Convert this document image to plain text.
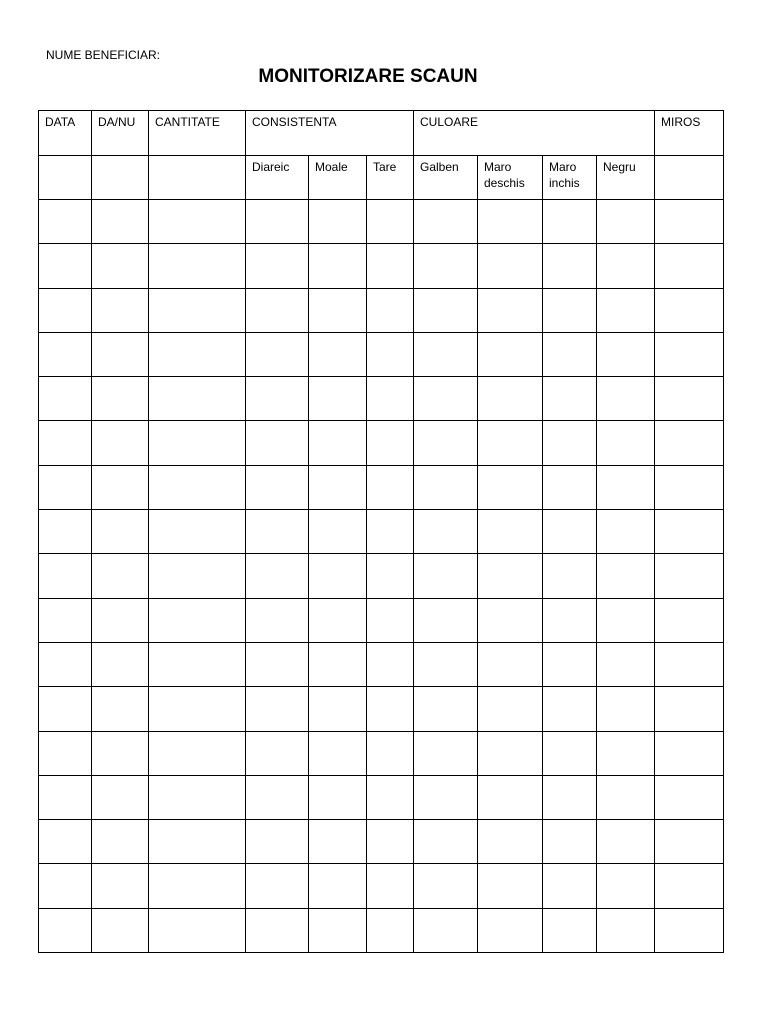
NUME BENEFICIAR:
MONITORIZARE SCAUN
DATA	DA/NU	CANTITATE	CONSISTENTA			CULOARE				MIROS
			Diareic	Moale	Tare	Galben	Maro deschis	Maro inchis	Negru	
